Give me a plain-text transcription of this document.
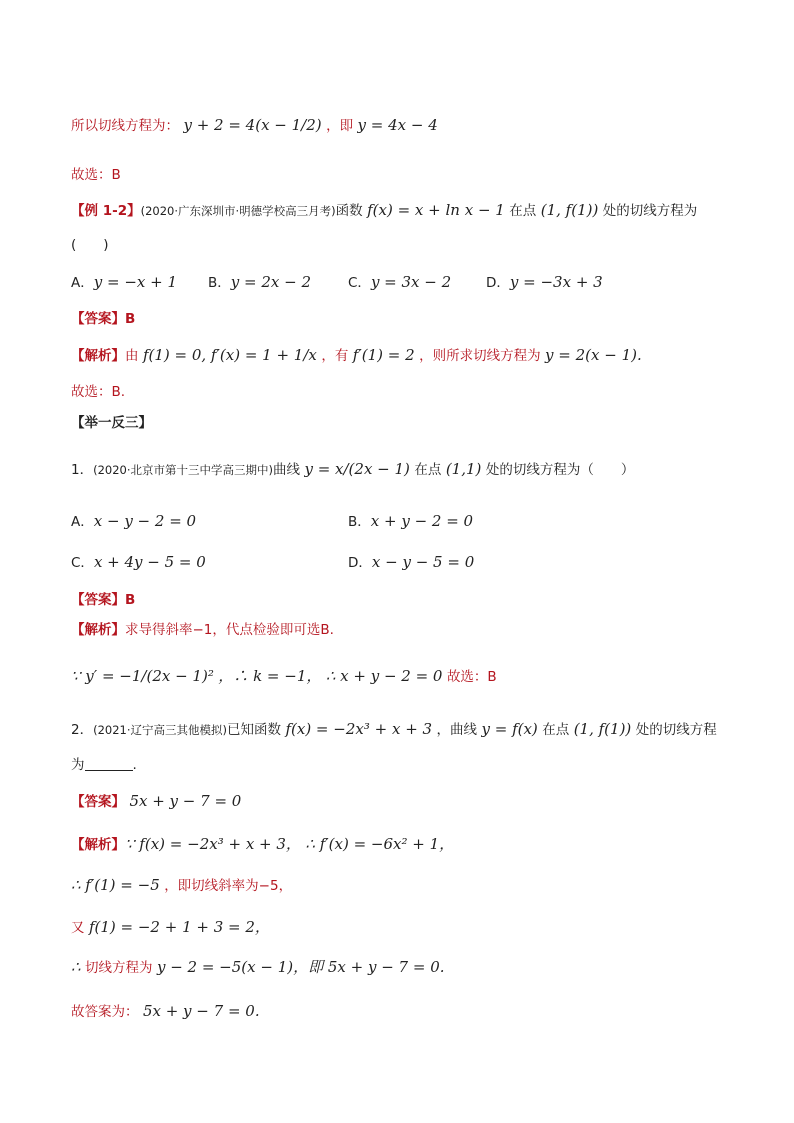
所以切线方程为： y + 2 = 4(x − 1/2) ，即 y = 4x − 4
故选：B
【例 1-2】(2020·广东深圳市·明德学校高三月考)函数 f(x) = x + ln x − 1 在点 (1, f(1)) 处的切线方程为
(　　)
A．y = −x + 1 B．y = 2x − 2	C．y = 3x − 2	D．y = −3x + 3
【答案】B
【解析】由 f(1) = 0, f′(x) = 1 + 1/x ，有 f′(1) = 2 ，则所求切线方程为 y = 2(x − 1).
故选：B.
【举一反三】
1．(2020·北京市第十三中学高三期中)曲线 y = x/(2x − 1) 在点 (1,1) 处的切线方程为（　　）
A．x − y − 2 = 0	B．x + y − 2 = 0
C．x + 4y − 5 = 0	D．x − y − 5 = 0
【答案】B
【解析】求导得斜率−1，代点检验即可选B.
∵ y′ = −1/(2x − 1)² ，∴ k = −1， ∴ x + y − 2 = 0 故选：B
2．(2021·辽宁高三其他模拟)已知函数 f(x) = −2x³ + x + 3 ，曲线 y = f(x) 在点 (1, f(1)) 处的切线方程
为	.
【答案】 5x + y − 7 = 0
【解析】∵ f(x) = −2x³ + x + 3， ∴ f′(x) = −6x² + 1，
∴ f′(1) = −5 ，即切线斜率为−5，
又 f(1) = −2 + 1 + 3 = 2，
∴ 切线方程为 y − 2 = −5(x − 1)，即 5x + y − 7 = 0.
故答案为： 5x + y − 7 = 0.
